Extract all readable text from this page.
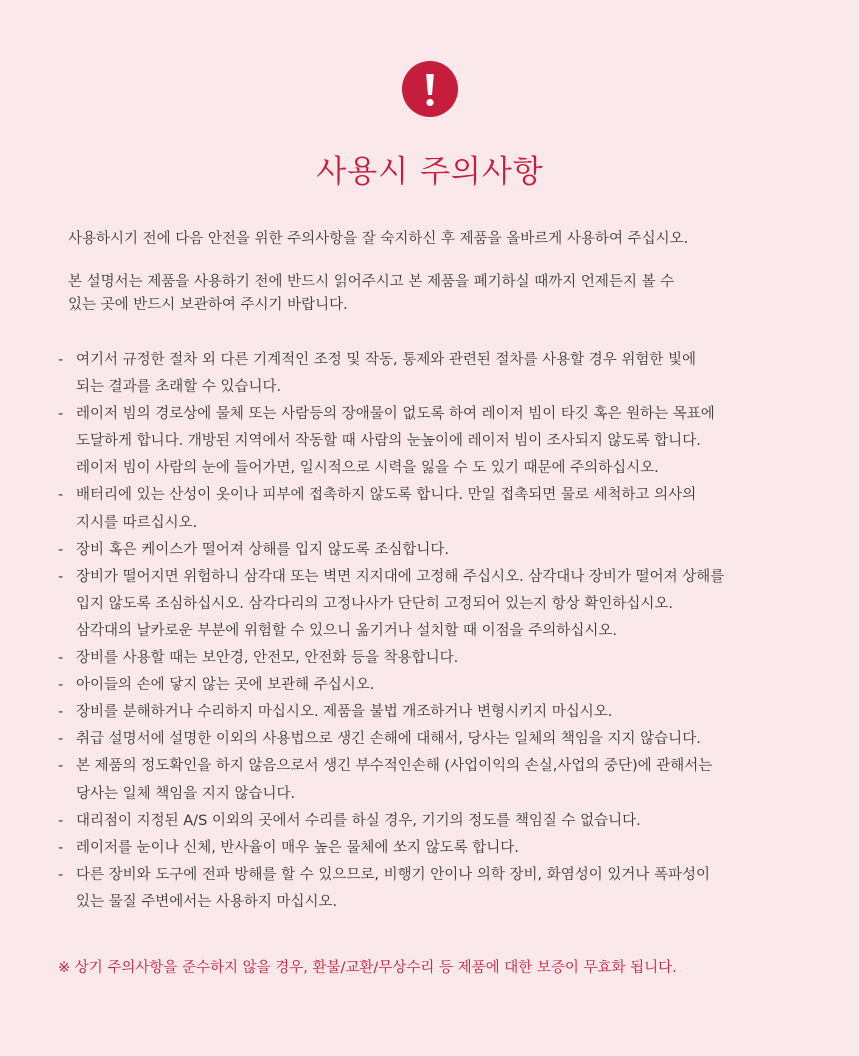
사용시 주의사항

사용하시기 전에 다음 안전을 위한 주의사항을 잘 숙지하신 후 제품을 올바르게 사용하여 주십시오.

본 설명서는 제품을 사용하기 전에 반드시 읽어주시고 본 제품을 폐기하실 때까지 언제든지 볼 수
있는 곳에 반드시 보관하여 주시기 바랍니다.

- 여기서 규정한 절차 외 다른 기계적인 조정 및 작동, 통제와 관련된 절차를 사용할 경우 위험한 빛에
되는 결과를 초래할 수 있습니다.
- 레이저 빔의 경로상에 물체 또는 사람등의 장애물이 없도록 하여 레이저 빔이 타깃 혹은 원하는 목표에
도달하게 합니다. 개방된 지역에서 작동할 때 사람의 눈높이에 레이저 빔이 조사되지 않도록 합니다.
레이저 빔이 사람의 눈에 들어가면, 일시적으로 시력을 잃을 수 도 있기 때문에 주의하십시오.
- 배터리에 있는 산성이 옷이나 피부에 접촉하지 않도록 합니다. 만일 접촉되면 물로 세척하고 의사의
지시를 따르십시오.
- 장비 혹은 케이스가 떨어져 상해를 입지 않도록 조심합니다.
- 장비가 떨어지면 위험하니 삼각대 또는 벽면 지지대에 고정해 주십시오. 삼각대나 장비가 떨어져 상해를
입지 않도록 조심하십시오. 삼각다리의 고정나사가 단단히 고정되어 있는지 항상 확인하십시오.
삼각대의 날카로운 부분에 위험할 수 있으니 옮기거나 설치할 때 이점을 주의하십시오.
- 장비를 사용할 때는 보안경, 안전모, 안전화 등을 착용합니다.
- 아이들의 손에 닿지 않는 곳에 보관해 주십시오.
- 장비를 분해하거나 수리하지 마십시오. 제품을 불법 개조하거나 변형시키지 마십시오.
- 취급 설명서에 설명한 이외의 사용법으로 생긴 손해에 대해서, 당사는 일체의 책임을 지지 않습니다.
- 본 제품의 정도확인을 하지 않음으로서 생긴 부수적인손해 (사업이익의 손실,사업의 중단)에 관해서는
당사는 일체 책임을 지지 않습니다.
- 대리점이 지정된 A/S 이외의 곳에서 수리를 하실 경우, 기기의 정도를 책임질 수 없습니다.
- 레이저를 눈이나 신체, 반사율이 매우 높은 물체에 쏘지 않도록 합니다.
- 다른 장비와 도구에 전파 방해를 할 수 있으므로, 비행기 안이나 의학 장비, 화염성이 있거나 폭파성이
있는 물질 주변에서는 사용하지 마십시오.

※ 상기 주의사항을 준수하지 않을 경우, 환불/교환/무상수리 등 제품에 대한 보증이 무효화 됩니다.
